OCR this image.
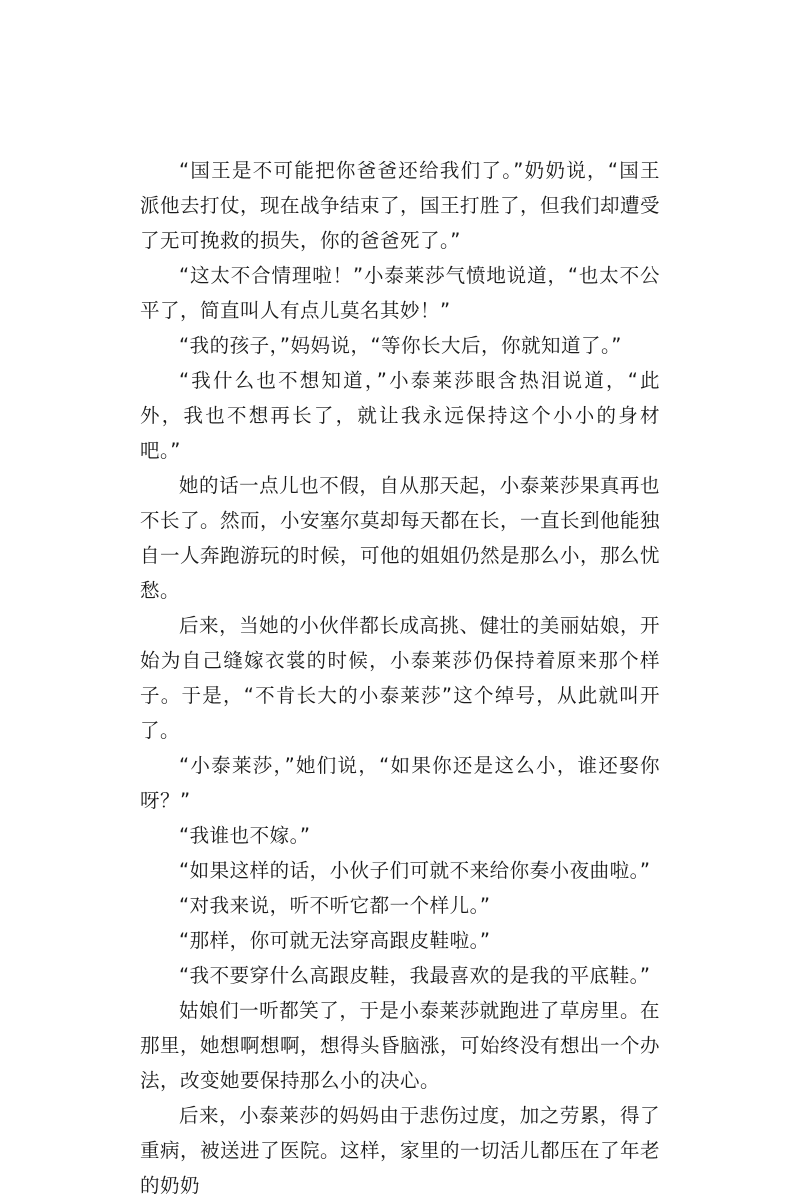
“国王是不可能把你爸爸还给我们了。”奶奶说，“国王派他去打仗，现在战争结束了，国王打胜了，但我们却遭受了无可挽救的损失，你的爸爸死了。”

“这太不合情理啦！”小泰莱莎气愤地说道，“也太不公平了，简直叫人有点儿莫名其妙！”

“我的孩子，”妈妈说，“等你长大后，你就知道了。”

“我什么也不想知道，”小泰莱莎眼含热泪说道，“此外，我也不想再长了，就让我永远保持这个小小的身材吧。”

她的话一点儿也不假，自从那天起，小泰莱莎果真再也不长了。然而，小安塞尔莫却每天都在长，一直长到他能独自一人奔跑游玩的时候，可他的姐姐仍然是那么小，那么忧愁。

后来，当她的小伙伴都长成高挑、健壮的美丽姑娘，开始为自己缝嫁衣裳的时候，小泰莱莎仍保持着原来那个样子。于是，“不肯长大的小泰莱莎”这个绰号，从此就叫开了。

“小泰莱莎，”她们说，“如果你还是这么小，谁还娶你呀？”

“我谁也不嫁。”

“如果这样的话，小伙子们可就不来给你奏小夜曲啦。”

“对我来说，听不听它都一个样儿。”

“那样，你可就无法穿高跟皮鞋啦。”

“我不要穿什么高跟皮鞋，我最喜欢的是我的平底鞋。”

姑娘们一听都笑了，于是小泰莱莎就跑进了草房里。在那里，她想啊想啊，想得头昏脑涨，可始终没有想出一个办法，改变她要保持那么小的决心。

后来，小泰莱莎的妈妈由于悲伤过度，加之劳累，得了重病，被送进了医院。这样，家里的一切活儿都压在了年老的奶奶
